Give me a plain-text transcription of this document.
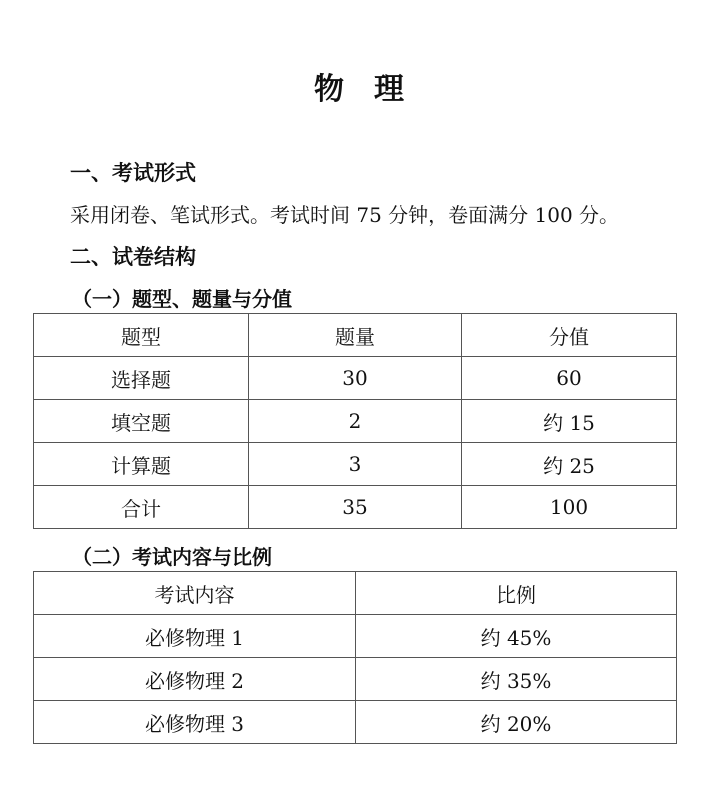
物理
一、考试形式
采用闭卷、笔试形式。考试时间 75 分钟，卷面满分 100 分。
二、试卷结构
（一）题型、题量与分值
题型	题量	分值
选择题	30	60
填空题	2	约 15
计算题	3	约 25
合计	35	100
（二）考试内容与比例
考试内容	比例
必修物理 1	约 45%
必修物理 2	约 35%
必修物理 3	约 20%
